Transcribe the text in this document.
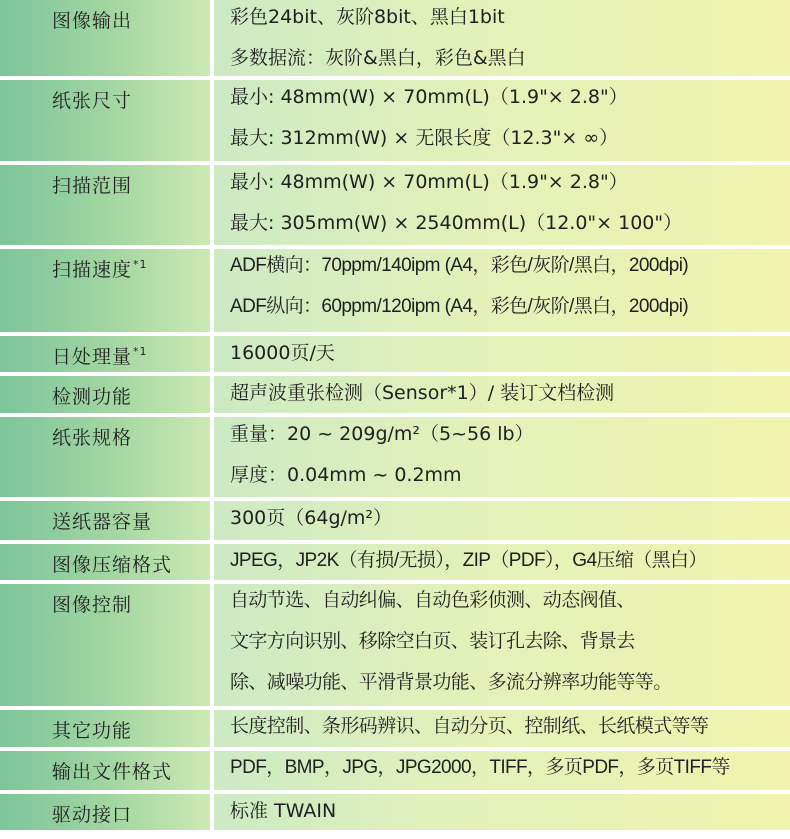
图像输出	彩色24bit、灰阶8bit、黑白1bit
多数据流：灰阶&黑白，彩色&黑白
纸张尺寸	最小: 48mm(W) × 70mm(L)（1.9"× 2.8"）
最大: 312mm(W) × 无限长度（12.3"× ∞）
扫描范围	最小: 48mm(W) × 70mm(L)（1.9"× 2.8"）
最大: 305mm(W) × 2540mm(L)（12.0"× 100"）
扫描速度$^{*1}$	ADF横向：70ppm/140ipm (A4，彩色/灰阶/黑白，200dpi)
ADF纵向：60ppm/120ipm (A4，彩色/灰阶/黑白，200dpi)
日处理量$^{*1}$	16000页/天
检测功能	超声波重张检测（Sensor*1）/ 装订文档检测
纸张规格	重量：20 ~ 209g/m²（5~56 lb）
厚度：0.04mm ~ 0.2mm
送纸器容量	300页（64g/m²）
图像压缩格式	JPEG，JP2K（有损/无损），ZIP（PDF），G4压缩（黑白）
图像控制	自动节选、自动纠偏、自动色彩侦测、动态阀值、
文字方向识别、移除空白页、装订孔去除、背景去
除、减噪功能、平滑背景功能、多流分辨率功能等等。
其它功能	长度控制、条形码辨识、自动分页、控制纸、长纸模式等等
输出文件格式	PDF，BMP，JPG，JPG2000，TIFF，多页PDF，多页TIFF等
驱动接口	标准 TWAIN
